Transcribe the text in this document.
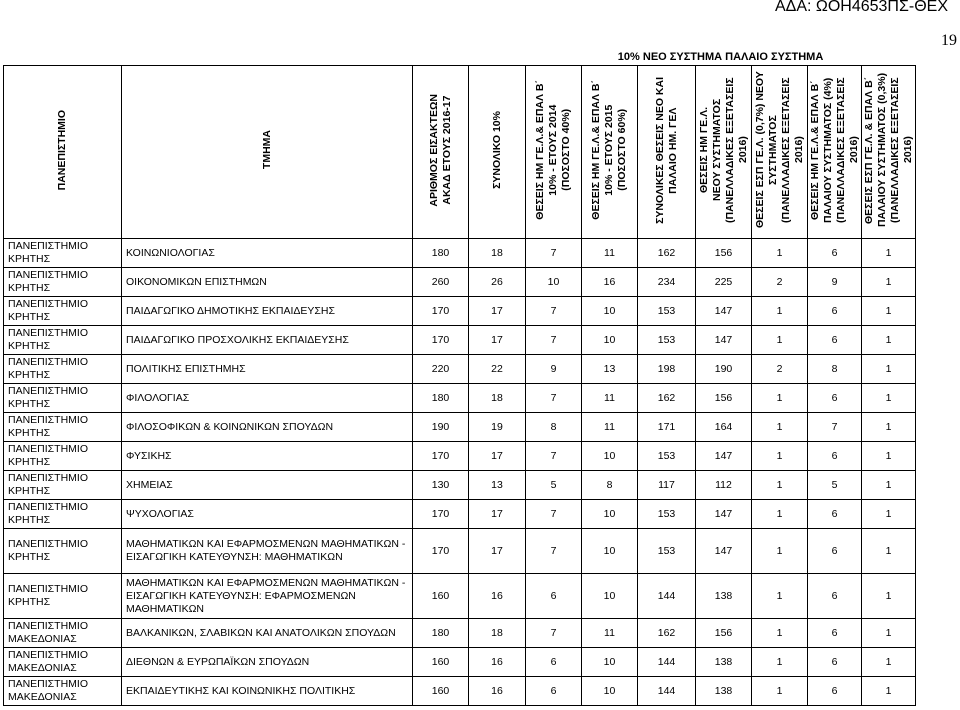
ΑΔΑ: ΩΟΗ4653ΠΣ-ΘΕΧ
19
				10% ΝΕΟ ΣΥΣΤΗΜΑ ΠΑΛΑΙΟ ΣΥΣΤΗΜΑ						
ΠΑΝΕΠΙΣΤΗΜΙΟ	ΤΜΗΜΑ	ΑΡΙΘΜΟΣ ΕΙΣΑΚΤΕΩΝ
ΑΚΑΔ ΕΤΟΥΣ 2016-17	ΣΥΝΟΛΙΚΟ 10%	ΘΕΣΕΙΣ ΗΜ ΓΕ.Λ.& ΕΠΑΛ Β΄
10% - ΕΤΟΥΣ 2014
(ΠΟΣΟΣΤΟ 40%)	ΘΕΣΕΙΣ ΗΜ ΓΕ.Λ.& ΕΠΑΛ Β΄
10% - ΕΤΟΥΣ 2015
(ΠΟΣΟΣΤΟ 60%)	ΣΥΝΟΛΙΚΕΣ ΘΕΣΕΙΣ ΝΕΟ ΚΑΙ
ΠΑΛΑΙΟ ΗΜ. ΓΕΛ	ΘΕΣΕΙΣ ΗΜ ΓΕ.Λ.
ΝΕΟΥ ΣΥΣΤΗΜΑΤΟΣ
(ΠΑΝΕΛΛΑΔΙΚΕΣ ΕΞΕΤΑΣΕΙΣ 2016)	ΘΕΣΕΙΣ ΕΣΠ ΓΕ.Λ. (0,7%) ΝΕΟΥ
ΣΥΣΤΗΜΑΤΟΣ
(ΠΑΝΕΛΛΑΔΙΚΕΣ ΕΞΕΤΑΣΕΙΣ 2016)	ΘΕΣΕΙΣ ΗΜ ΓΕ.Λ.& ΕΠΑΛ Β΄
ΠΑΛΑΙΟΥ ΣΥΣΤΗΜΑΤΟΣ (4%)
(ΠΑΝΕΛΛΑΔΙΚΕΣ ΕΞΕΤΑΣΕΙΣ 2016)	ΘΕΣΕΙΣ ΕΣΠ ΓΕ.Λ. & ΕΠΑΛ Β΄
ΠΑΛΑΙΟΥ ΣΥΣΤΗΜΑΤΟΣ (0,3%)
(ΠΑΝΕΛΛΑΔΙΚΕΣ ΕΞΕΤΑΣΕΙΣ 2016)
ΠΑΝΕΠΙΣΤΗΜΙΟ ΚΡΗΤΗΣ	ΚΟΙΝΩΝΙΟΛΟΓΙΑΣ	180	18	7	11	162	156	1	6	1
ΠΑΝΕΠΙΣΤΗΜΙΟ ΚΡΗΤΗΣ	ΟΙΚΟΝΟΜΙΚΩΝ ΕΠΙΣΤΗΜΩΝ	260	26	10	16	234	225	2	9	1
ΠΑΝΕΠΙΣΤΗΜΙΟ ΚΡΗΤΗΣ	ΠΑΙΔΑΓΩΓΙΚΟ ΔΗΜΟΤΙΚΗΣ ΕΚΠΑΙΔΕΥΣΗΣ	170	17	7	10	153	147	1	6	1
ΠΑΝΕΠΙΣΤΗΜΙΟ ΚΡΗΤΗΣ	ΠΑΙΔΑΓΩΓΙΚΟ ΠΡΟΣΧΟΛΙΚΗΣ ΕΚΠΑΙΔΕΥΣΗΣ	170	17	7	10	153	147	1	6	1
ΠΑΝΕΠΙΣΤΗΜΙΟ ΚΡΗΤΗΣ	ΠΟΛΙΤΙΚΗΣ ΕΠΙΣΤΗΜΗΣ	220	22	9	13	198	190	2	8	1
ΠΑΝΕΠΙΣΤΗΜΙΟ ΚΡΗΤΗΣ	ΦΙΛΟΛΟΓΙΑΣ	180	18	7	11	162	156	1	6	1
ΠΑΝΕΠΙΣΤΗΜΙΟ ΚΡΗΤΗΣ	ΦΙΛΟΣΟΦΙΚΩΝ & ΚΟΙΝΩΝΙΚΩΝ ΣΠΟΥΔΩΝ	190	19	8	11	171	164	1	7	1
ΠΑΝΕΠΙΣΤΗΜΙΟ ΚΡΗΤΗΣ	ΦΥΣΙΚΗΣ	170	17	7	10	153	147	1	6	1
ΠΑΝΕΠΙΣΤΗΜΙΟ ΚΡΗΤΗΣ	ΧΗΜΕΙΑΣ	130	13	5	8	117	112	1	5	1
ΠΑΝΕΠΙΣΤΗΜΙΟ ΚΡΗΤΗΣ	ΨΥΧΟΛΟΓΙΑΣ	170	17	7	10	153	147	1	6	1
ΠΑΝΕΠΙΣΤΗΜΙΟ ΚΡΗΤΗΣ	ΜΑΘΗΜΑΤΙΚΩΝ ΚΑΙ ΕΦΑΡΜΟΣΜΕΝΩΝ ΜΑΘΗΜΑΤΙΚΩΝ - ΕΙΣΑΓΩΓΙΚΗ ΚΑΤΕΥΘΥΝΣΗ: ΜΑΘΗΜΑΤΙΚΩΝ	170	17	7	10	153	147	1	6	1
ΠΑΝΕΠΙΣΤΗΜΙΟ ΚΡΗΤΗΣ	ΜΑΘΗΜΑΤΙΚΩΝ ΚΑΙ ΕΦΑΡΜΟΣΜΕΝΩΝ ΜΑΘΗΜΑΤΙΚΩΝ - ΕΙΣΑΓΩΓΙΚΗ ΚΑΤΕΥΘΥΝΣΗ: ΕΦΑΡΜΟΣΜΕΝΩΝ ΜΑΘΗΜΑΤΙΚΩΝ	160	16	6	10	144	138	1	6	1
ΠΑΝΕΠΙΣΤΗΜΙΟ ΜΑΚΕΔΟΝΙΑΣ	ΒΑΛΚΑΝΙΚΩΝ, ΣΛΑΒΙΚΩΝ ΚΑΙ ΑΝΑΤΟΛΙΚΩΝ ΣΠΟΥΔΩΝ	180	18	7	11	162	156	1	6	1
ΠΑΝΕΠΙΣΤΗΜΙΟ ΜΑΚΕΔΟΝΙΑΣ	ΔΙΕΘΝΩΝ & ΕΥΡΩΠΑΪΚΩΝ ΣΠΟΥΔΩΝ	160	16	6	10	144	138	1	6	1
ΠΑΝΕΠΙΣΤΗΜΙΟ ΜΑΚΕΔΟΝΙΑΣ	ΕΚΠΑΙΔΕΥΤΙΚΗΣ ΚΑΙ ΚΟΙΝΩΝΙΚΗΣ ΠΟΛΙΤΙΚΗΣ	160	16	6	10	144	138	1	6	1
